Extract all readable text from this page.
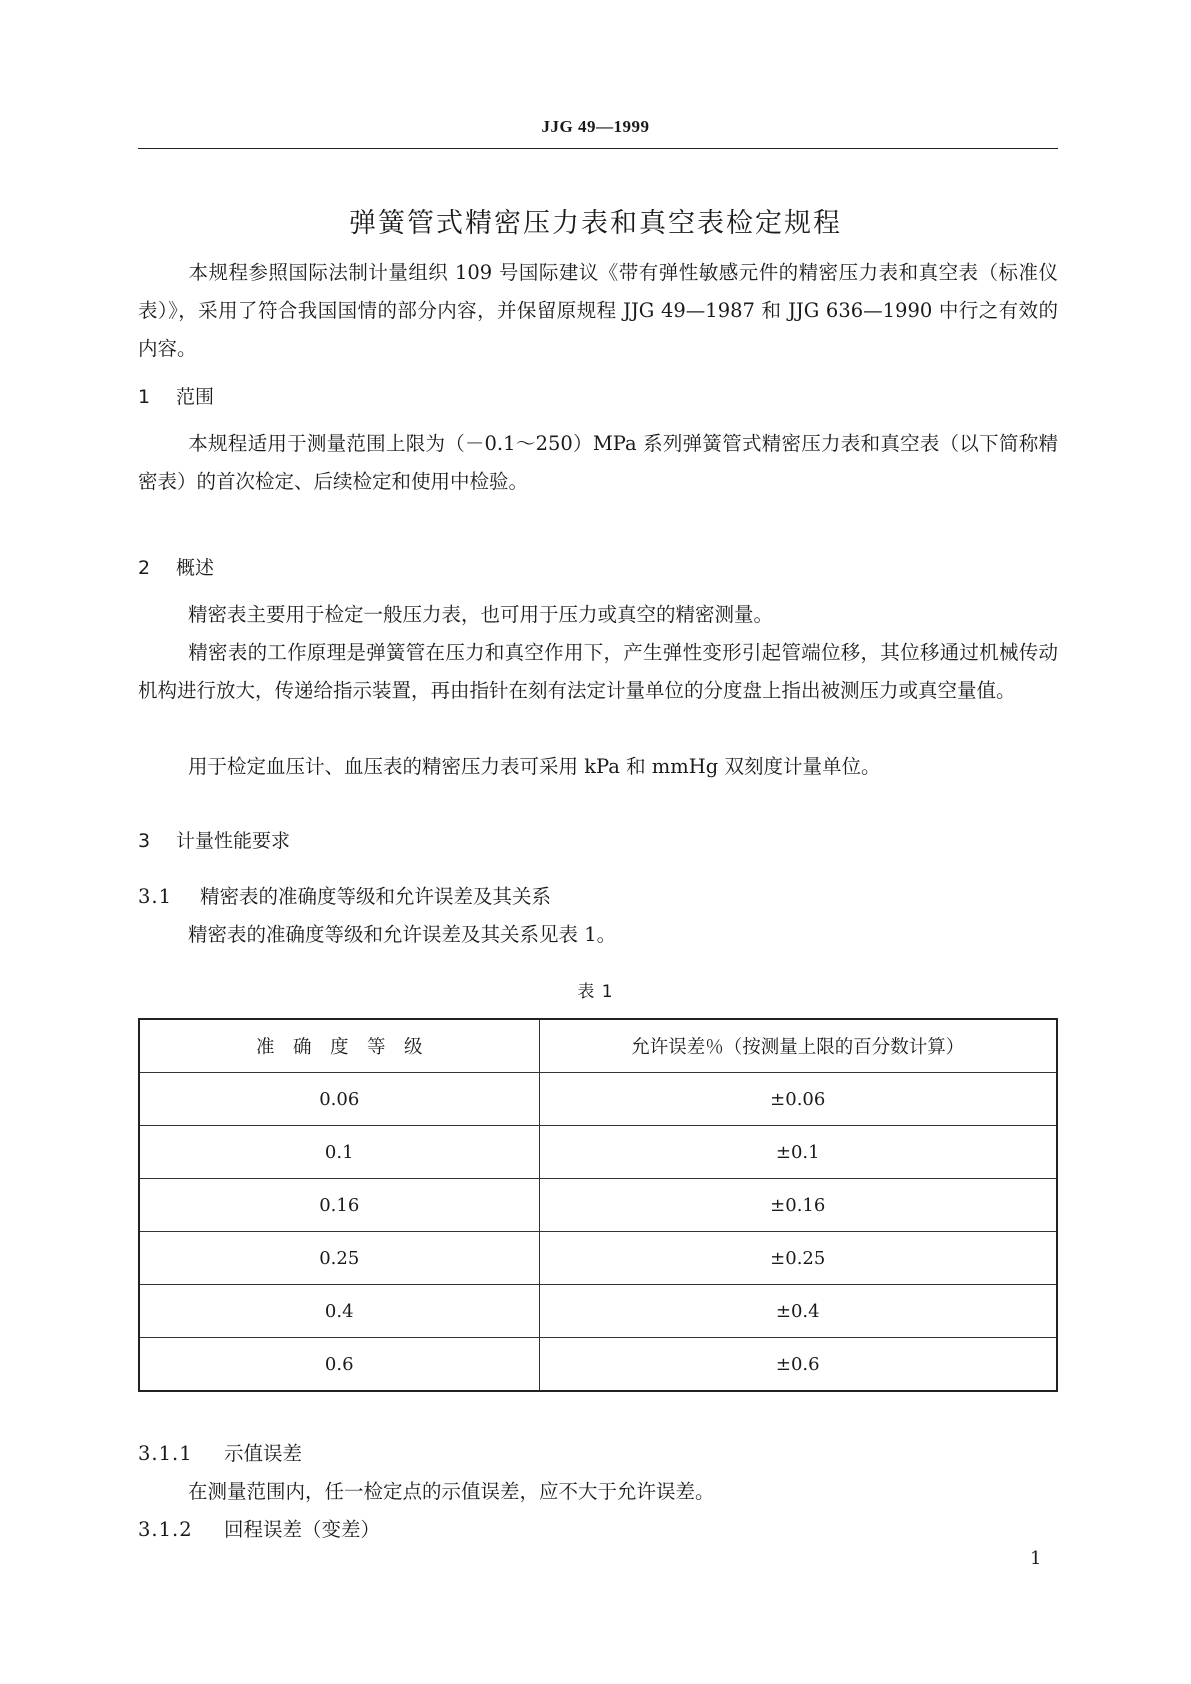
JJG 49—1999
弹簧管式精密压力表和真空表检定规程
本规程参照国际法制计量组织 109 号国际建议《带有弹性敏感元件的精密压力表和真空表（标准仪表）》，采用了符合我国国情的部分内容，并保留原规程 JJG 49—1987 和 JJG 636—1990 中行之有效的内容。
1 范围
本规程适用于测量范围上限为（－0.1～250）MPa 系列弹簧管式精密压力表和真空表（以下简称精密表）的首次检定、后续检定和使用中检验。
2 概述
精密表主要用于检定一般压力表，也可用于压力或真空的精密测量。
精密表的工作原理是弹簧管在压力和真空作用下，产生弹性变形引起管端位移，其位移通过机械传动机构进行放大，传递给指示装置，再由指针在刻有法定计量单位的分度盘上指出被测压力或真空量值。
用于检定血压计、血压表的精密压力表可采用 kPa 和 mmHg 双刻度计量单位。
3 计量性能要求
3.1 精密表的准确度等级和允许误差及其关系
精密表的准确度等级和允许误差及其关系见表 1。
表 1
准　确　度　等　级	允许误差％（按测量上限的百分数计算）
0.06	±0.06
0.1	±0.1
0.16	±0.16
0.25	±0.25
0.4	±0.4
0.6	±0.6
3.1.1 示值误差
在测量范围内，任一检定点的示值误差，应不大于允许误差。
3.1.2 回程误差（变差）
1
